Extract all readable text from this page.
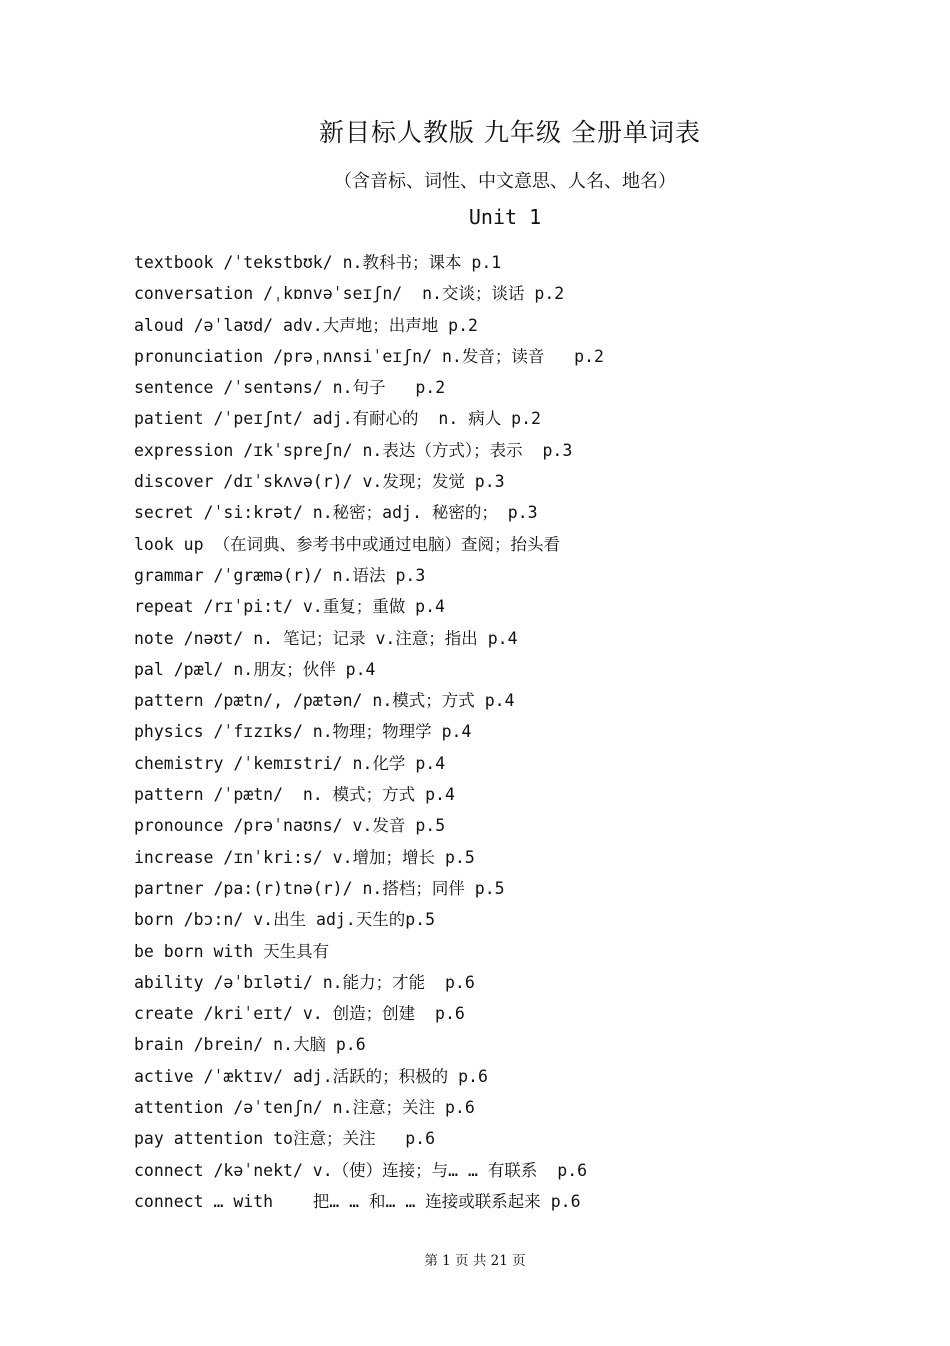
新目标人教版 九年级 全册单词表
（含音标、词性、中文意思、人名、地名）
Unit 1
textbook /ˈtekstbʊk/ n.教科书；课本 p.1
conversation /ˌkɒnvəˈseɪʃn/  n.交谈；谈话 p.2
aloud /əˈlaʊd/ adv.大声地；出声地 p.2
pronunciation /prəˌnʌnsiˈeɪʃn/ n.发音；读音   p.2
sentence /ˈsentəns/ n.句子   p.2
patient /ˈpeɪʃnt/ adj.有耐心的  n. 病人 p.2
expression /ɪkˈspreʃn/ n.表达（方式）；表示  p.3
discover /dɪˈskʌvə(r)/ v.发现；发觉 p.3
secret /ˈsi:krət/ n.秘密；adj. 秘密的； p.3
look up （在词典、参考书中或通过电脑）查阅；抬头看
grammar /ˈgræmə(r)/ n.语法 p.3
repeat /rɪˈpi:t/ v.重复；重做 p.4
note /nəʊt/ n. 笔记；记录 v.注意；指出 p.4
pal /pæl/ n.朋友；伙伴 p.4
pattern /pætn/, /pætən/ n.模式；方式 p.4
physics /ˈfɪzɪks/ n.物理；物理学 p.4
chemistry /ˈkemɪstri/ n.化学 p.4
pattern /ˈpætn/  n. 模式；方式 p.4
pronounce /prəˈnaʊns/ v.发音 p.5
increase /ɪnˈkri:s/ v.增加；增长 p.5
partner /pa:(r)tnə(r)/ n.搭档；同伴 p.5
born /bɔ:n/ v.出生 adj.天生的p.5
be born with 天生具有
ability /əˈbɪləti/ n.能力；才能  p.6
create /kriˈeɪt/ v. 创造；创建  p.6
brain /brein/ n.大脑 p.6
active /ˈæktɪv/ adj.活跃的；积极的 p.6
attention /əˈtenʃn/ n.注意；关注 p.6
pay attention to注意；关注   p.6
connect /kəˈnekt/ v.（使）连接；与… … 有联系  p.6
connect … with    把… … 和… … 连接或联系起来 p.6
第 1 页 共 21 页
